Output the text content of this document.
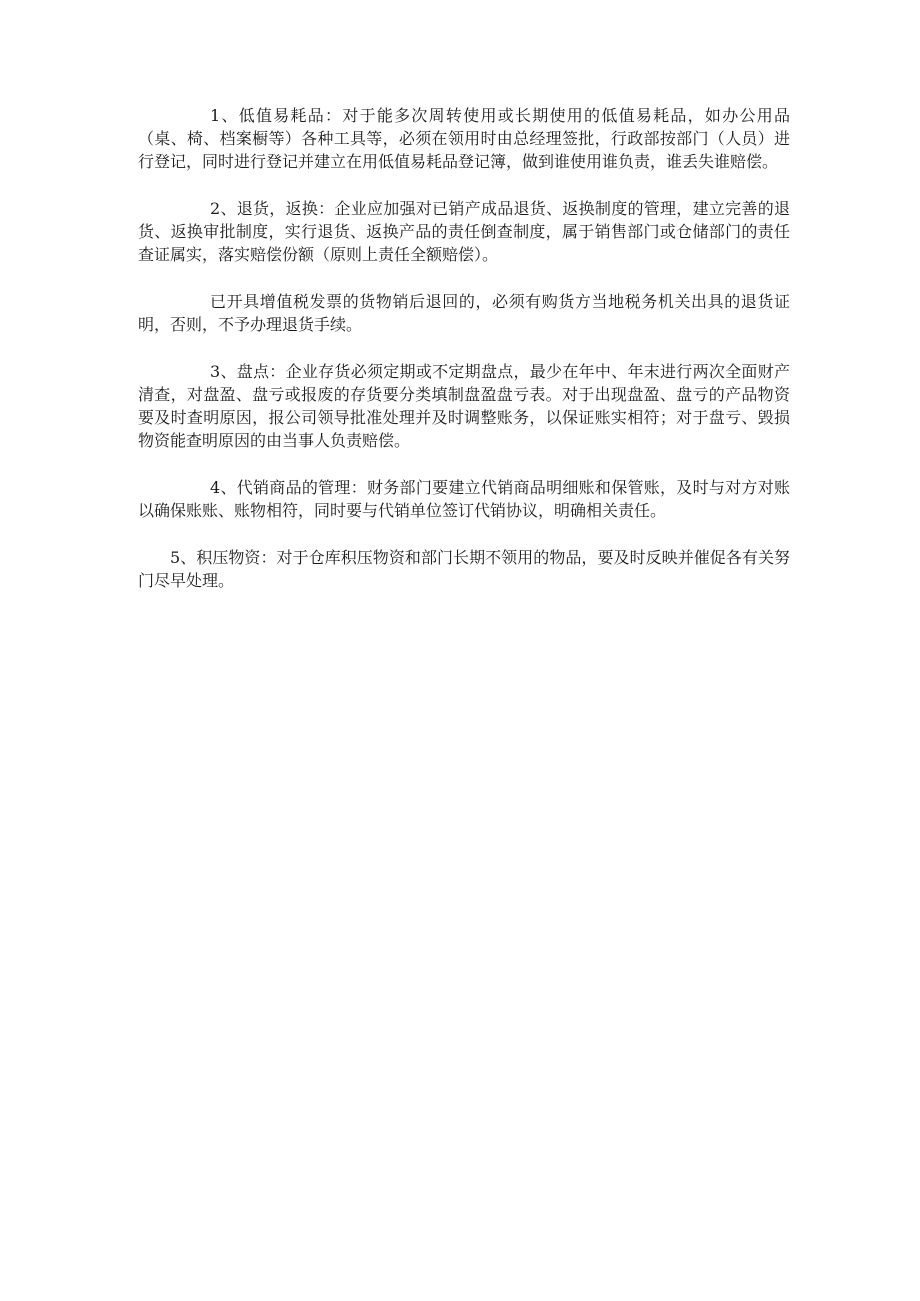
1、低值易耗品：对于能多次周转使用或长期使用的低值易耗品，如办公用品（桌、椅、档案橱等）各种工具等，必须在领用时由总经理签批，行政部按部门（人员）进行登记，同时进行登记并建立在用低值易耗品登记簿，做到谁使用谁负责，谁丢失谁赔偿。

2、退货，返换：企业应加强对已销产成品退货、返换制度的管理，建立完善的退货、返换审批制度，实行退货、返换产品的责任倒查制度，属于销售部门或仓储部门的责任查证属实，落实赔偿份额（原则上责任全额赔偿）。

已开具增值税发票的货物销后退回的，必须有购货方当地税务机关出具的退货证明，否则，不予办理退货手续。

3、盘点：企业存货必须定期或不定期盘点，最少在年中、年末进行两次全面财产清查，对盘盈、盘亏或报废的存货要分类填制盘盈盘亏表。对于出现盘盈、盘亏的产品物资要及时查明原因，报公司领导批准处理并及时调整账务，以保证账实相符；对于盘亏、毁损物资能查明原因的由当事人负责赔偿。

4、代销商品的管理：财务部门要建立代销商品明细账和保管账，及时与对方对账以确保账账、账物相符，同时要与代销单位签订代销协议，明确相关责任。

5、积压物资：对于仓库积压物资和部门长期不领用的物品，要及时反映并催促各有关努门尽早处理。
